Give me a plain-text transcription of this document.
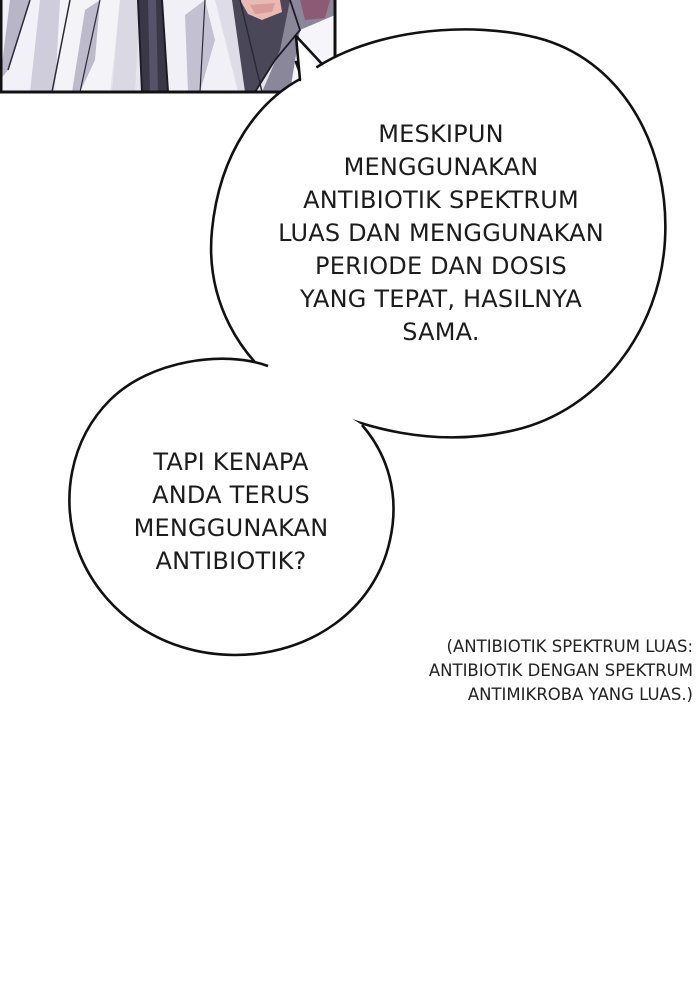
MESKIPUN
MENGGUNAKAN
ANTIBIOTIK SPEKTRUM
LUAS DAN MENGGUNAKAN
PERIODE DAN DOSIS
YANG TEPAT, HASILNYA
SAMA.
TAPI KENAPA
ANDA TERUS
MENGGUNAKAN
ANTIBIOTIK?
(ANTIBIOTIK SPEKTRUM LUAS:
ANTIBIOTIK DENGAN SPEKTRUM
ANTIMIKROBA YANG LUAS.)
